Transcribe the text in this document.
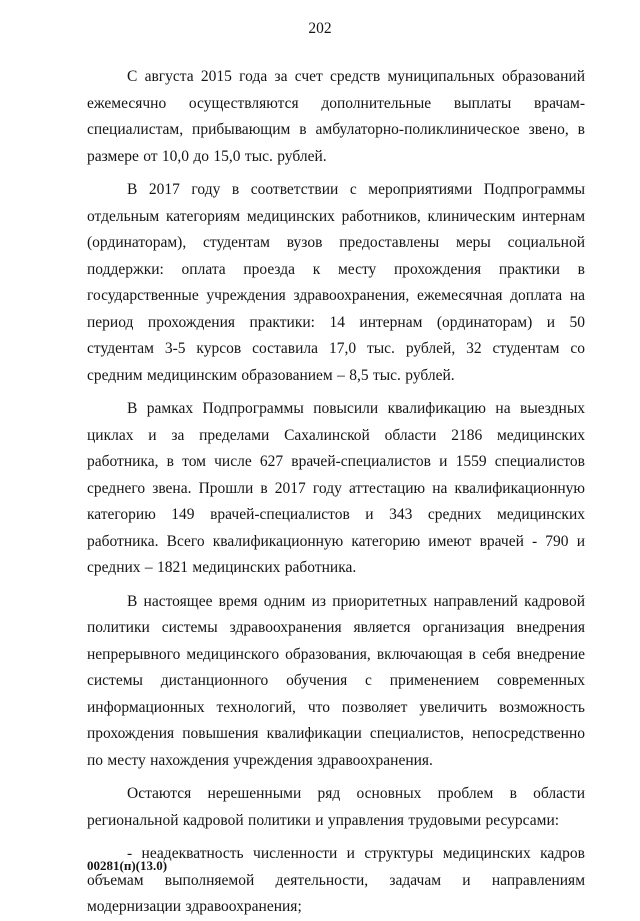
202

С августа 2015 года за счет средств муниципальных образований ежемесячно осуществляются дополнительные выплаты врачам-специалистам, прибывающим в амбулаторно-поликлиническое звено, в размере от 10,0 до 15,0 тыс. рублей.

В 2017 году в соответствии с мероприятиями Подпрограммы отдельным категориям медицинских работников, клиническим интернам (ординаторам), студентам вузов предоставлены меры социальной поддержки: оплата проезда к месту прохождения практики в государственные учреждения здравоохранения, ежемесячная доплата на период прохождения практики: 14 интернам (ординаторам) и 50 студентам 3-5 курсов составила 17,0 тыс. рублей, 32 студентам со средним медицинским образованием – 8,5 тыс. рублей.

В рамках Подпрограммы повысили квалификацию на выездных циклах и за пределами Сахалинской области 2186 медицинских работника, в том числе 627 врачей-специалистов и 1559 специалистов среднего звена. Прошли в 2017 году аттестацию на квалификационную категорию 149 врачей-специалистов и 343 средних медицинских работника. Всего квалификационную категорию имеют врачей - 790 и средних – 1821 медицинских работника.

В настоящее время одним из приоритетных направлений кадровой политики системы здравоохранения является организация внедрения непрерывного медицинского образования, включающая в себя внедрение системы дистанционного обучения с применением современных информационных технологий, что позволяет увеличить возможность прохождения повышения квалификации специалистов, непосредственно по месту нахождения учреждения здравоохранения.

Остаются нерешенными ряд основных проблем в области региональной кадровой политики и управления трудовыми ресурсами:

- неадекватность численности и структуры медицинских кадров объемам выполняемой деятельности, задачам и направлениям модернизации здравоохранения;

00281(п)(13.0)
